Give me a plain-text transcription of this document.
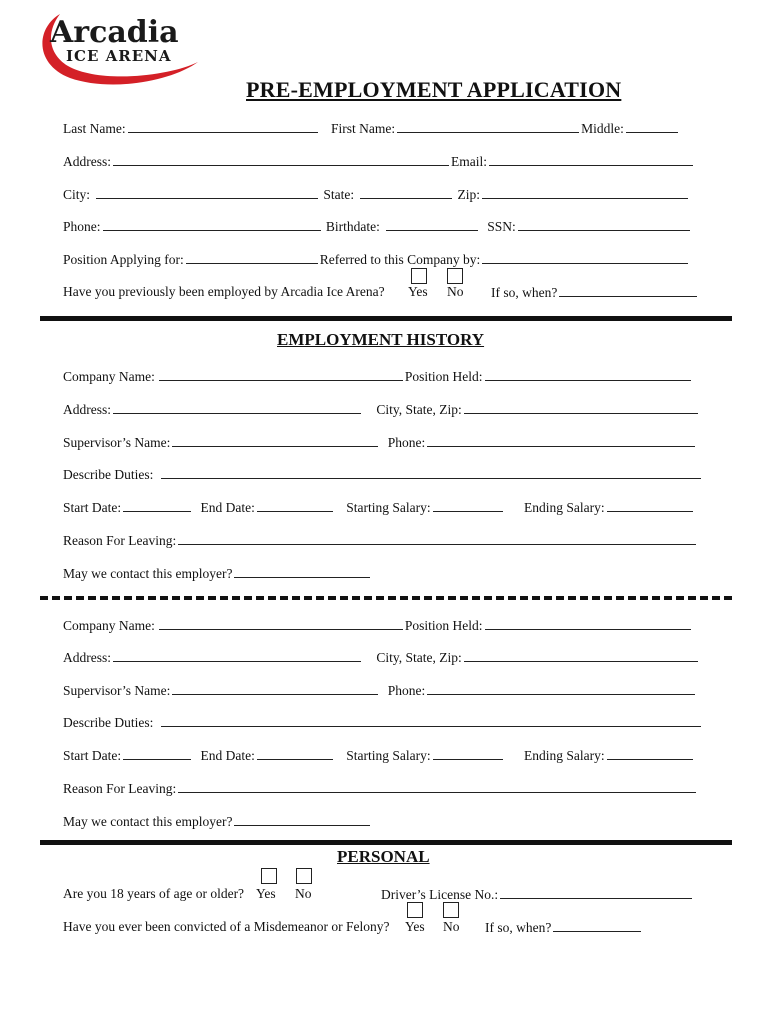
Arcadia
ICE ARENA
PRE-EMPLOYMENT APPLICATION
Last Name:	First Name:	Middle:
Address:	Email:
City:	State:	Zip:
Phone:	Birthdate:	SSN:
Position Applying for:	Referred to this Company by:
Have you previously been employed by Arcadia Ice Arena? Yes No If so, when?
EMPLOYMENT HISTORY
Company Name:	Position Held:
Address:	City, State, Zip:
Supervisor’s Name:	Phone:
Describe Duties:
Start Date:	End Date:	Starting Salary:	Ending Salary:
Reason For Leaving:
May we contact this employer?
Company Name:	Position Held:
Address:	City, State, Zip:
Supervisor’s Name:	Phone:
Describe Duties:
Start Date:	End Date:	Starting Salary:	Ending Salary:
Reason For Leaving:
May we contact this employer?
PERSONAL
Are you 18 years of age or older? Yes No	Driver’s License No.:
Have you ever been convicted of a Misdemeanor or Felony? Yes No If so, when?
